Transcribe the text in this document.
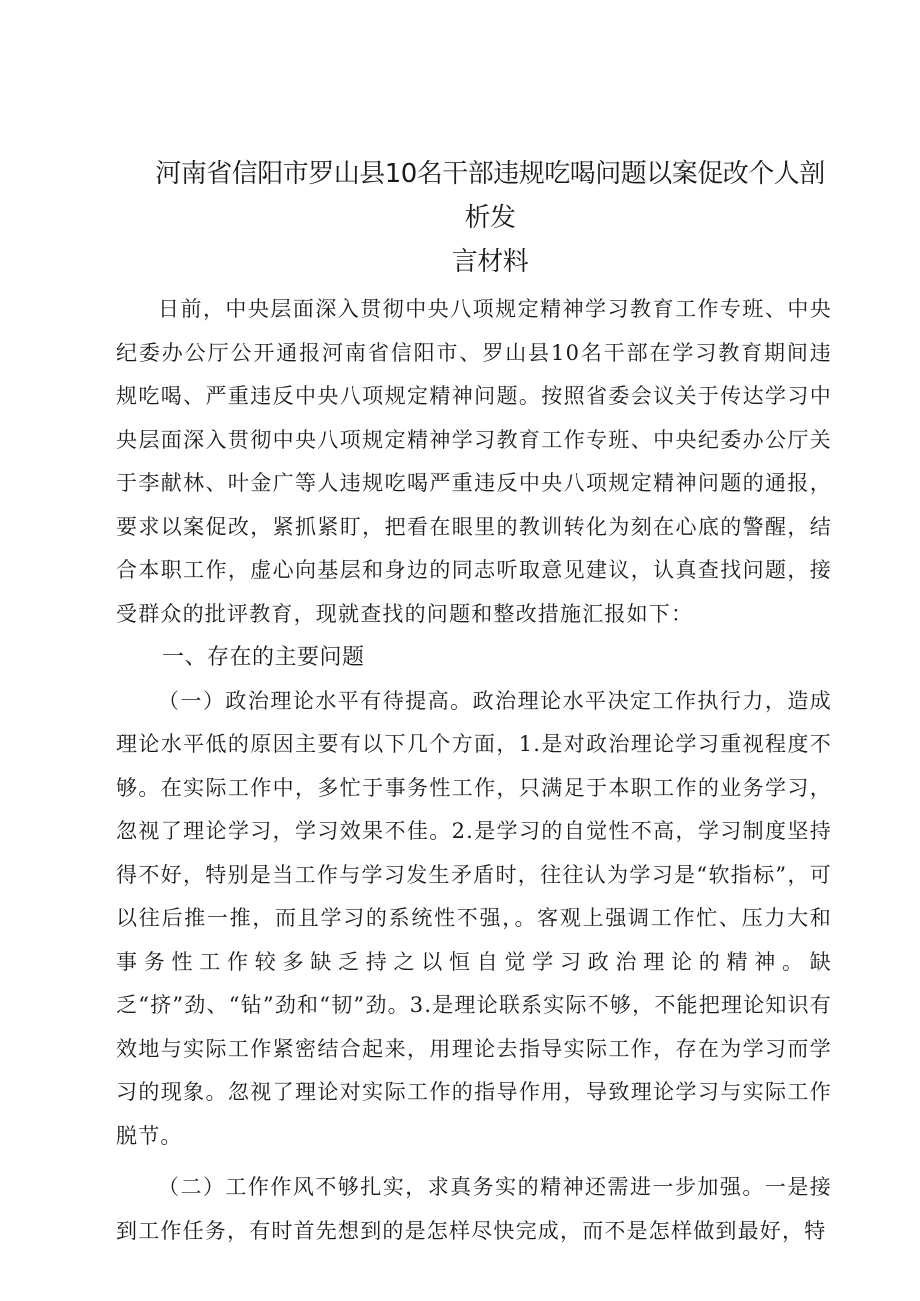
河南省信阳市罗山县10名干部违规吃喝问题以案促改个人剖析发
言材料

日前，中央层面深入贯彻中央八项规定精神学习教育工作专班、中央纪委办公厅公开通报河南省信阳市、罗山县10名干部在学习教育期间违规吃喝、严重违反中央八项规定精神问题。按照省委会议关于传达学习中央层面深入贯彻中央八项规定精神学习教育工作专班、中央纪委办公厅关于李献林、叶金广等人违规吃喝严重违反中央八项规定精神问题的通报，要求以案促改，紧抓紧盯，把看在眼里的教训转化为刻在心底的警醒，结合本职工作，虚心向基层和身边的同志听取意见建议，认真查找问题，接受群众的批评教育，现就查找的问题和整改措施汇报如下：

一、存在的主要问题

（一）政治理论水平有待提高。政治理论水平决定工作执行力，造成理论水平低的原因主要有以下几个方面，1.是对政治理论学习重视程度不够。在实际工作中，多忙于事务性工作，只满足于本职工作的业务学习，忽视了理论学习，学习效果不佳。2.是学习的自觉性不高，学习制度坚持得不好，特别是当工作与学习发生矛盾时，往往认为学习是“软指标”，可以往后推一推，而且学习的系统性不强，。客观上强调工作忙、压力大和事务性工作较多缺乏持之以恒自觉学习政治理论的精神。缺乏“挤”劲、“钻”劲和“韧”劲。3.是理论联系实际不够，不能把理论知识有效地与实际工作紧密结合起来，用理论去指导实际工作，存在为学习而学习的现象。忽视了理论对实际工作的指导作用，导致理论学习与实际工作脱节。

（二）工作作风不够扎实，求真务实的精神还需进一步加强。一是接到工作任务，有时首先想到的是怎样尽快完成，而不是怎样做到最好，特
